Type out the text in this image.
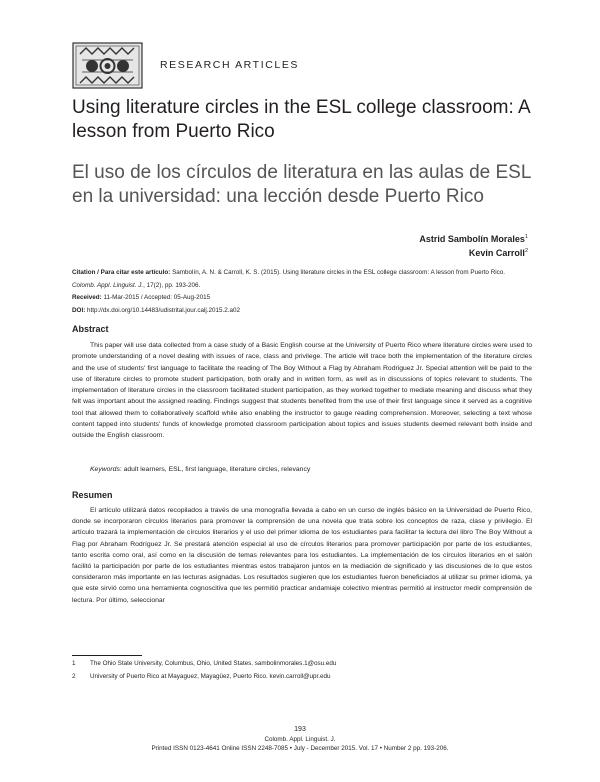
RESEARCH ARTICLES
Using literature circles in the ESL college classroom: A lesson from Puerto Rico
El uso de los círculos de literatura en las aulas de ESL en la universidad: una lección desde Puerto Rico
Astrid Sambolín Morales$^1$
Kevin Carroll$^2$
Citation / Para citar este artículo: Sambolín, A. N. & Carroll, K. S. (2015). Using literature circles in the ESL college classroom: A lesson from Puerto Rico.
Colomb. Appl. Linguist. J., 17(2), pp. 193-206.
Received: 11-Mar-2015 / Accepted: 05-Aug-2015
DOI: http://dx.doi.org/10.14483/udistrital.jour.calj.2015.2.a02
Abstract
This paper will use data collected from a case study of a Basic English course at the University of Puerto Rico where literature circles were used to promote understanding of a novel dealing with issues of race, class and privilege. The article will trace both the implementation of the literature circles and the use of students' first language to facilitate the reading of The Boy Without a Flag by Abraham Rodriguez Jr. Special attention will be paid to the use of literature circles to promote student participation, both orally and in written form, as well as in discussions of topics relevant to students. The implementation of literature circles in the classroom facilitated student participation, as they worked together to mediate meaning and discuss what they felt was important about the assigned reading. Findings suggest that students benefited from the use of their first language since it served as a cognitive tool that allowed them to collaboratively scaffold while also enabling the instructor to gauge reading comprehension. Moreover, selecting a text whose content tapped into students' funds of knowledge promoted classroom participation about topics and issues students deemed relevant both inside and outside the English classroom.
Keywords: adult learners, ESL, first language, literature circles, relevancy
Resumen
El artículo utilizará datos recopilados a través de una monografía llevada a cabo en un curso de inglés básico en la Universidad de Puerto Rico, donde se incorporaron círculos literarios para promover la comprensión de una novela que trata sobre los conceptos de raza, clase y privilegio. El artículo trazará la implementación de círculos literarios y el uso del primer idioma de los estudiantes para facilitar la lectura del libro The Boy Without a Flag por Abraham Rodríguez Jr. Se prestará atención especial al uso de círculos literarios para promover participación por parte de los estudiantes, tanto escrita como oral, así como en la discusión de temas relevantes para los estudiantes. La implementación de los círculos literarios en el salón facilitó la participación por parte de los estudiantes mientras estos trabajaron juntos en la mediación de significado y las discusiones de lo que estos consideraron más importante en las lecturas asignadas. Los resultados sugieren que los estudiantes fueron beneficiados al utilizar su primer idioma, ya que este sirvió como una herramienta cognoscitiva que les permitió practicar andamiaje colectivo mientras permitió al instructor medir comprensión de lectura. Por último, seleccionar
1 The Ohio State University, Columbus, Ohio, United States. sambolinmorales.1@osu.edu
2 University of Puerto Rico at Mayaguez, Mayagüez, Puerto Rico. kevin.carroll@upr.edu
193
Colomb. Appl. Linguist. J.
Printed ISSN 0123-4641 Online ISSN 2248-7085 • July - December 2015. Vol. 17 • Number 2 pp. 193-206.
